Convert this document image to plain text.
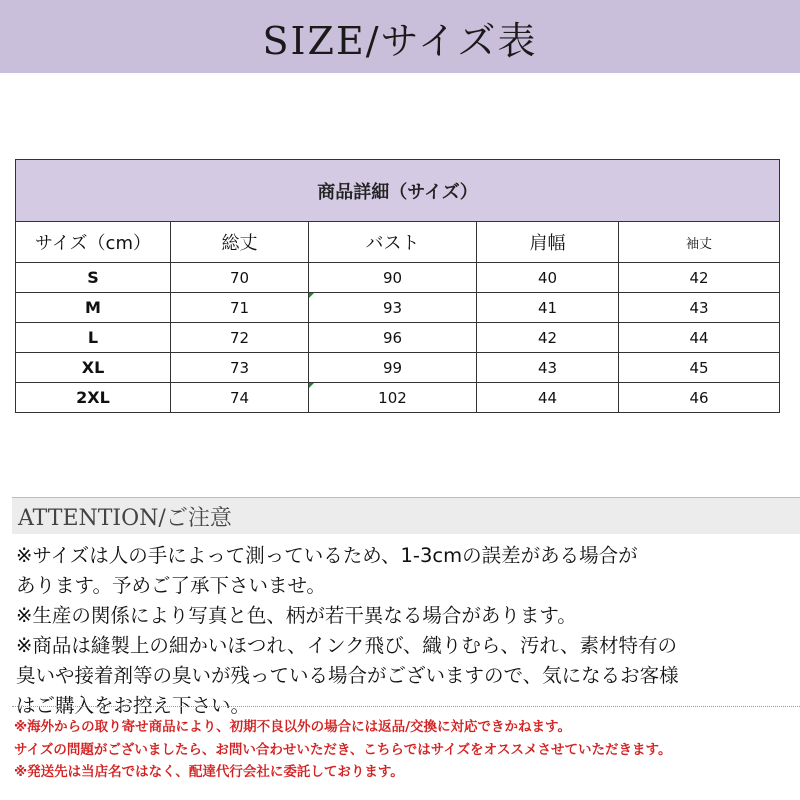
SIZE/サイズ表
商品詳細（サイズ）				
サイズ（cm）	総丈	バスト	肩幅	袖丈
S	70	90	40	42
M	71	93	41	43
L	72	96	42	44
XL	73	99	43	45
2XL	74	102	44	46
ATTENTION/ご注意
※サイズは人の手によって測っているため、1-3cmの誤差がある場合が
あります。予めご了承下さいませ。
※生産の関係により写真と色、柄が若干異なる場合があります。
※商品は縫製上の細かいほつれ、インク飛び、織りむら、汚れ、素材特有の
臭いや接着剤等の臭いが残っている場合がございますので、気になるお客様
はご購入をお控え下さい。
※海外からの取り寄せ商品により、初期不良以外の場合には返品/交換に対応できかねます。
サイズの問題がございましたら、お問い合わせいただき、こちらではサイズをオススメさせていただきます。
※発送先は当店名ではなく、配達代行会社に委託しております。
